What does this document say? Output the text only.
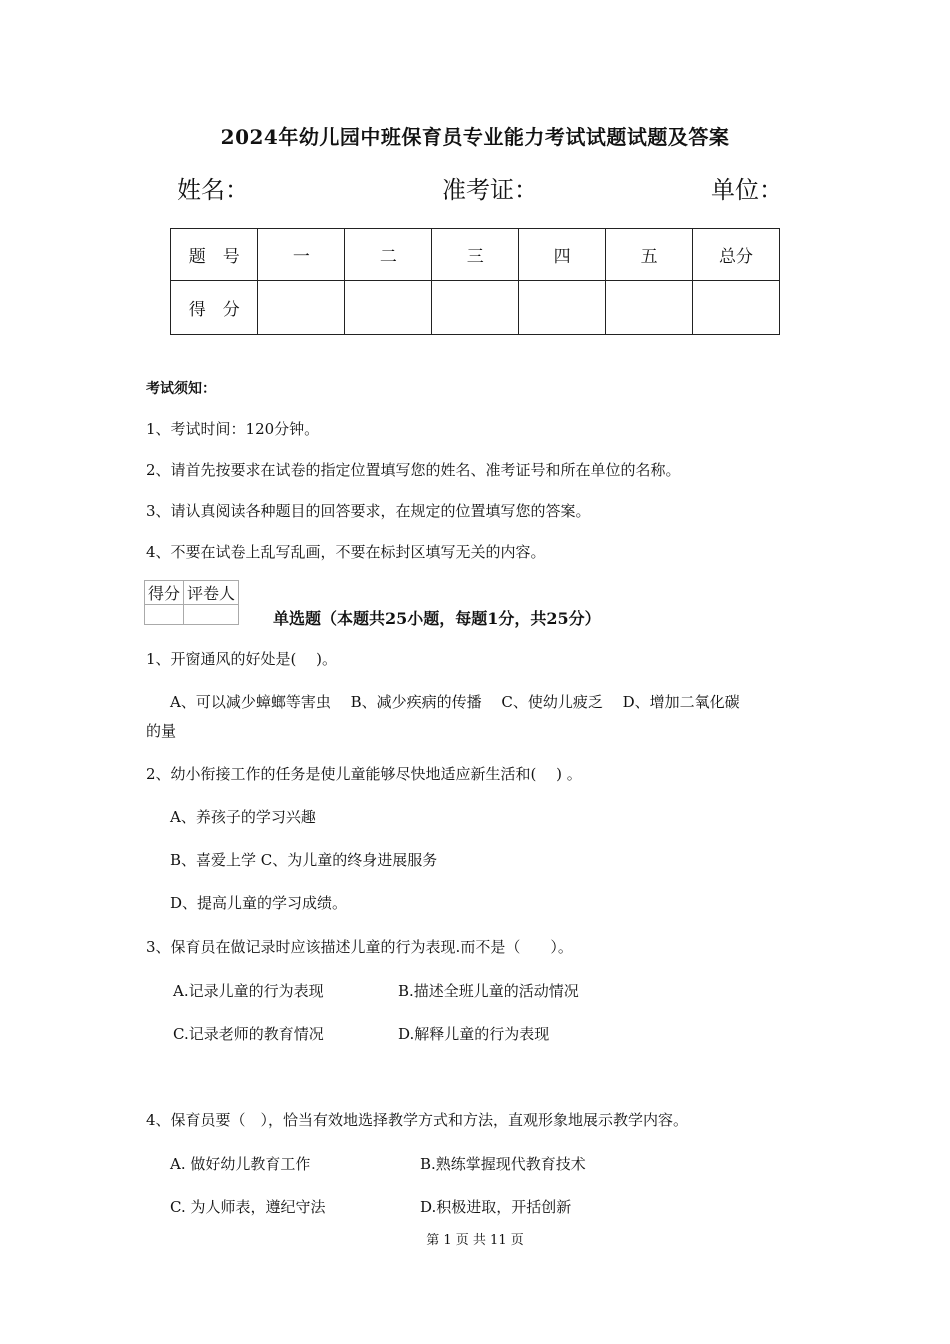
2024年幼儿园中班保育员专业能力考试试题试题及答案
姓名：	准考证：	单位：
题　号	一	二	三	四	五	总分
得　分						
考试须知：
1、考试时间：120分钟。
2、请首先按要求在试卷的指定位置填写您的姓名、准考证号和所在单位的名称。
3、请认真阅读各种题目的回答要求，在规定的位置填写您的答案。
4、不要在试卷上乱写乱画，不要在标封区填写无关的内容。
得分	评卷人

单选题（本题共25小题，每题1分，共25分）
1、开窗通风的好处是(　 )。
A、可以减少蟑螂等害虫　 B、减少疾病的传播　 C、使幼儿疲乏　 D、增加二氧化碳
的量
2、幼小衔接工作的任务是使儿童能够尽快地适应新生活和(　 ) 。
A、养孩子的学习兴趣
B、喜爱上学 C、为儿童的终身进展服务
D、提高儿童的学习成绩。
3、保育员在做记录时应该描述儿童的行为表现.而不是（　　）。
A.记录儿童的行为表现	B.描述全班儿童的活动情况
C.记录老师的教育情况	D.解释儿童的行为表现
4、保育员要（　），恰当有效地选择教学方式和方法，直观形象地展示教学内容。
A. 做好幼儿教育工作	B.熟练掌握现代教育技术
C. 为人师表，遵纪守法	D.积极进取，开括创新
第 1 页 共 11 页
